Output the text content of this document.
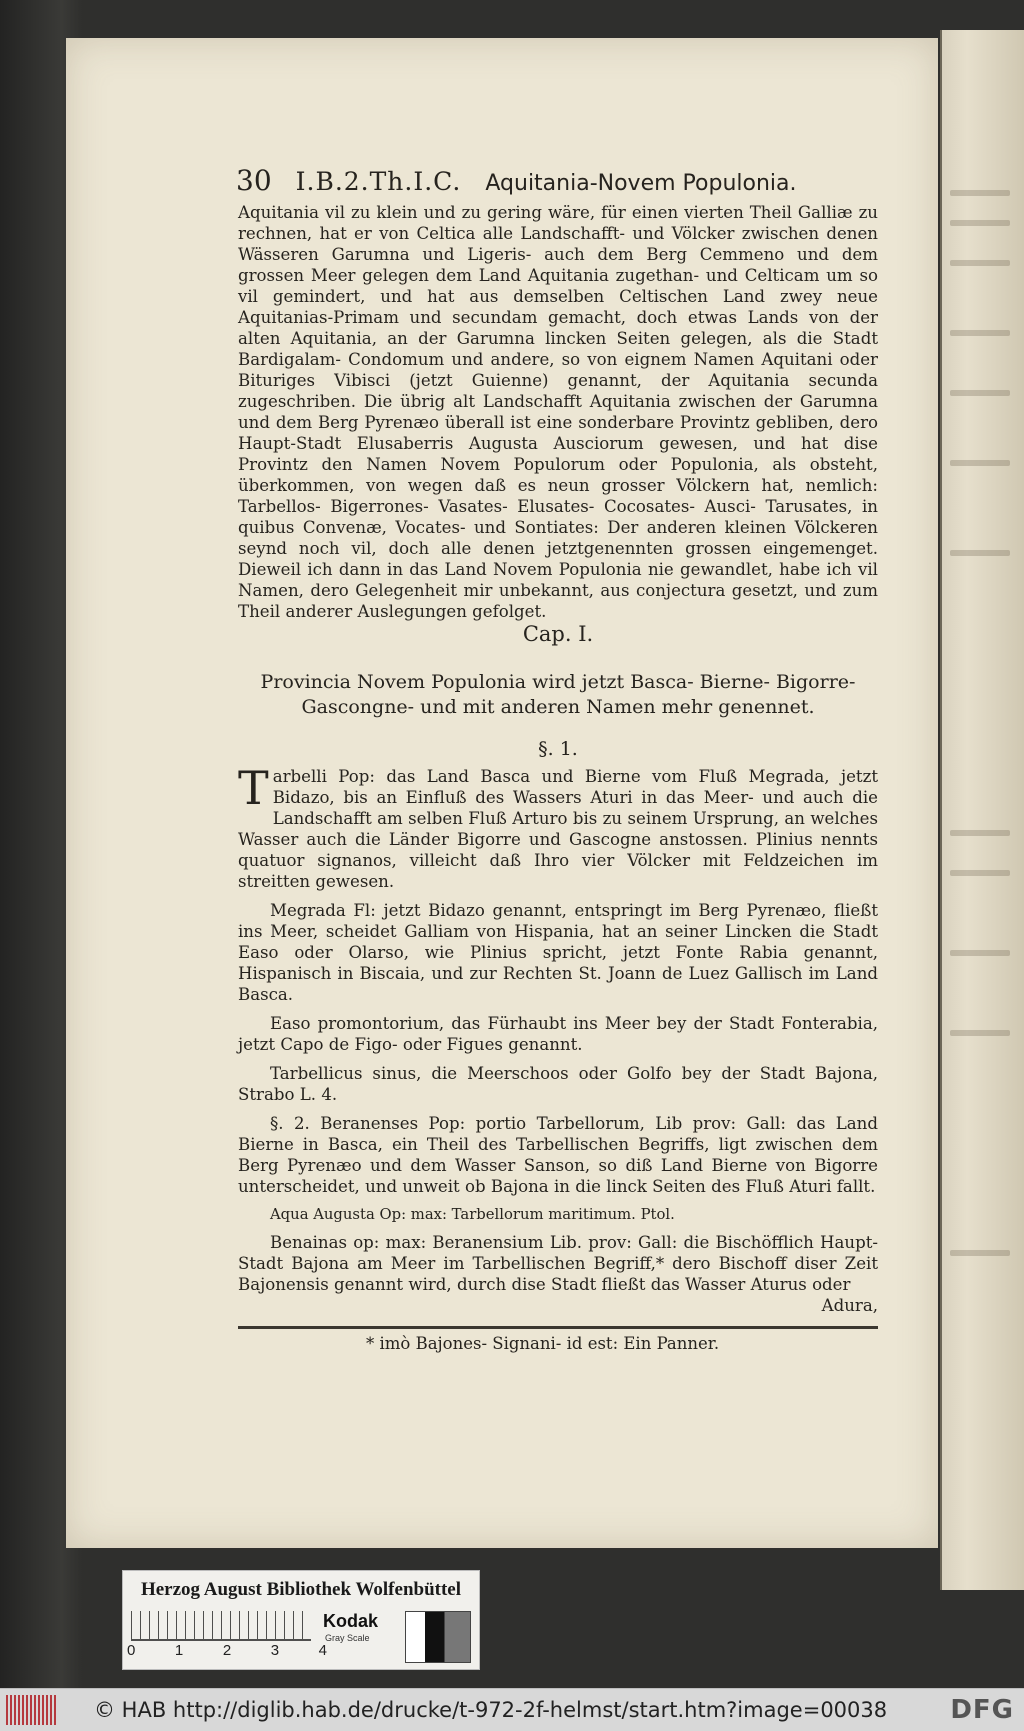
30 I.B.2.Th.I.C. Aquitania-Novem Populonia.

Aquitania vil zu klein und zu gering wäre, für einen vierten Theil Galliæ zu rechnen, hat er von Celtica alle Landschafft- und Völcker zwischen denen Wässeren Garumna und Ligeris- auch dem Berg Cemmeno und dem grossen Meer gelegen dem Land Aquitania zugethan- und Celticam um so vil gemindert, und hat aus demselben Celtischen Land zwey neue Aquitanias-Primam und secundam gemacht, doch etwas Lands von der alten Aquitania, an der Garumna lincken Seiten gelegen, als die Stadt Bardigalam- Condomum und andere, so von eignem Namen Aquitani oder Bituriges Vibisci (jetzt Guienne) genannt, der Aquitania secunda zugeschriben. Die übrig alt Landschafft Aquitania zwischen der Garumna und dem Berg Pyrenæo überall ist eine sonderbare Provintz gebliben, dero Haupt-Stadt Elusaberris Augusta Ausciorum gewesen, und hat dise Provintz den Namen Novem Populorum oder Populonia, als obsteht, überkommen, von wegen daß es neun grosser Völckern hat, nemlich: Tarbellos- Bigerrones- Vasates- Elusates- Cocosates- Ausci- Tarusates, in quibus Convenæ, Vocates- und Sontiates: Der anderen kleinen Völckeren seynd noch vil, doch alle denen jetztgenennten grossen eingemenget. Dieweil ich dann in das Land Novem Populonia nie gewandlet, habe ich vil Namen, dero Gelegenheit mir unbekannt, aus conjectura gesetzt, und zum Theil anderer Auslegungen gefolget.

Cap. I.
Provincia Novem Populonia wird jetzt Basca- Bierne- Bigorre-
Gascongne- und mit anderen Namen mehr genennet.
§. 1.

Tarbelli Pop: das Land Basca und Bierne vom Fluß Megrada, jetzt Bidazo, bis an Einfluß des Wassers Aturi in das Meer- und auch die Landschafft am selben Fluß Arturo bis zu seinem Ursprung, an welches Wasser auch die Länder Bigorre und Gascogne anstossen. Plinius nennts quatuor signanos, villeicht daß Ihro vier Völcker mit Feldzeichen im streitten gewesen.

Megrada Fl: jetzt Bidazo genannt, entspringt im Berg Pyrenæo, fließt ins Meer, scheidet Galliam von Hispania, hat an seiner Lincken die Stadt Easo oder Olarso, wie Plinius spricht, jetzt Fonte Rabia genannt, Hispanisch in Biscaia, und zur Rechten St. Joann de Luez Gallisch im Land Basca.

Easo promontorium, das Fürhaubt ins Meer bey der Stadt Fonterabia, jetzt Capo de Figo- oder Figues genannt.

Tarbellicus sinus, die Meerschoos oder Golfo bey der Stadt Bajona, Strabo L. 4.

§. 2. Beranenses Pop: portio Tarbellorum, Lib prov: Gall: das Land Bierne in Basca, ein Theil des Tarbellischen Begriffs, ligt zwischen dem Berg Pyrenæo und dem Wasser Sanson, so diß Land Bierne von Bigorre unterscheidet, und unweit ob Bajona in die linck Seiten des Fluß Aturi fallt.

Aqua Augusta Op: max: Tarbellorum maritimum. Ptol.

Benainas op: max: Beranensium Lib. prov: Gall: die Bischöfflich Haupt-Stadt Bajona am Meer im Tarbellischen Begriff,* dero Bischoff diser Zeit Bajonensis genannt wird, durch dise Stadt fließt das Wasser Aturus oder

Adura,

* imò Bajones- Signani- id est: Ein Panner.
Herzog August Bibliothek Wolfenbüttel
0	1	2	3	4
Kodak
Gray Scale
© HAB http://diglib.hab.de/drucke/t-972-2f-helmst/start.htm?image=00038 DFG
